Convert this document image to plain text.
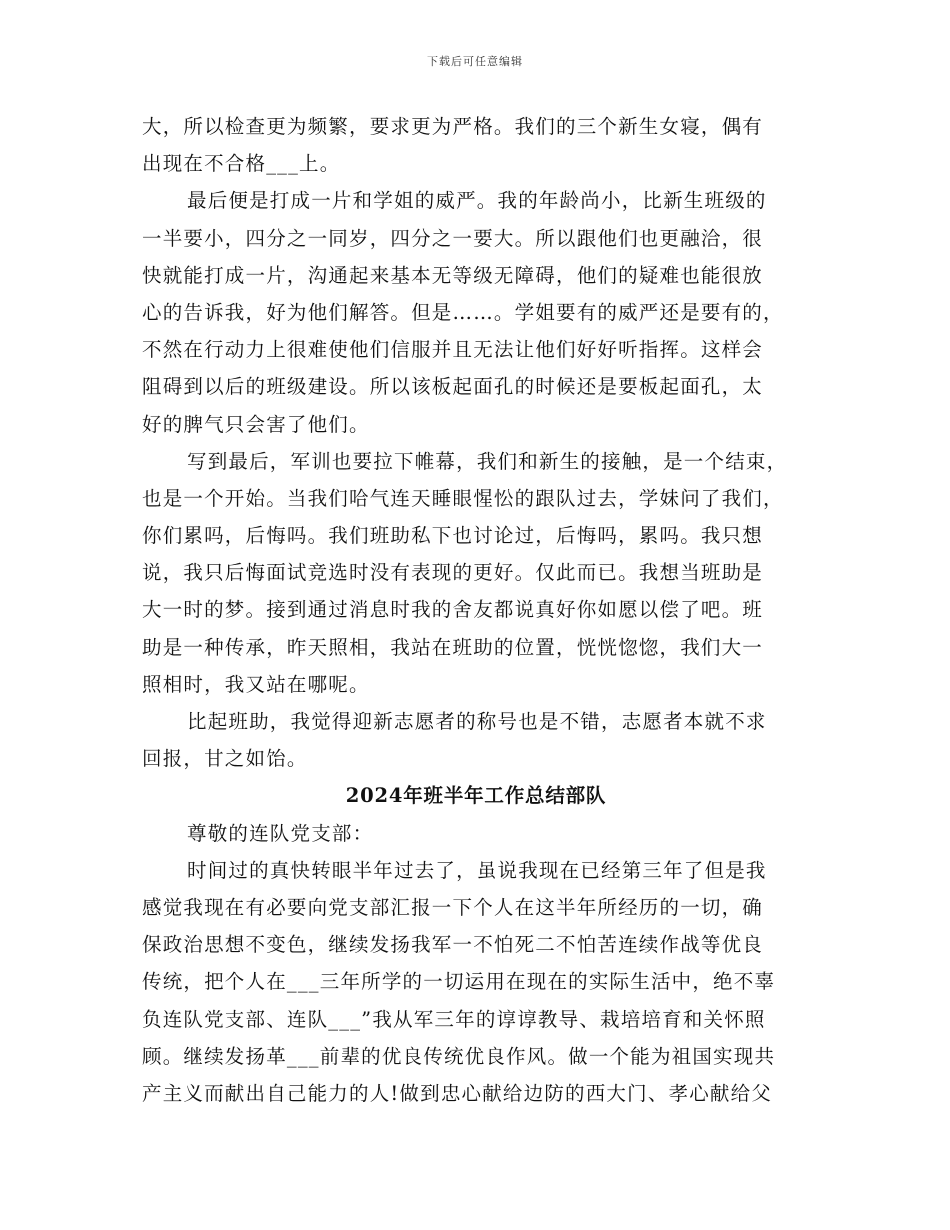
下载后可任意编辑
大，所以检查更为频繁，要求更为严格。我们的三个新生女寝，偶有
出现在不合格___上。
最后便是打成一片和学姐的威严。我的年龄尚小，比新生班级的
一半要小，四分之一同岁，四分之一要大。所以跟他们也更融洽，很
快就能打成一片，沟通起来基本无等级无障碍，他们的疑难也能很放
心的告诉我，好为他们解答。但是……。学姐要有的威严还是要有的，
不然在行动力上很难使他们信服并且无法让他们好好听指挥。这样会
阻碍到以后的班级建设。所以该板起面孔的时候还是要板起面孔，太
好的脾气只会害了他们。
写到最后，军训也要拉下帷幕，我们和新生的接触，是一个结束，
也是一个开始。当我们哈气连天睡眼惺忪的跟队过去，学妹问了我们，
你们累吗，后悔吗。我们班助私下也讨论过，后悔吗，累吗。我只想
说，我只后悔面试竞选时没有表现的更好。仅此而已。我想当班助是
大一时的梦。接到通过消息时我的舍友都说真好你如愿以偿了吧。班
助是一种传承，昨天照相，我站在班助的位置，恍恍惚惚，我们大一
照相时，我又站在哪呢。
比起班助，我觉得迎新志愿者的称号也是不错，志愿者本就不求
回报，甘之如饴。
2024年班半年工作总结部队
尊敬的连队党支部：
时间过的真快转眼半年过去了，虽说我现在已经第三年了但是我
感觉我现在有必要向党支部汇报一下个人在这半年所经历的一切，确
保政治思想不变色，继续发扬我军一不怕死二不怕苦连续作战等优良
传统，把个人在___三年所学的一切运用在现在的实际生活中，绝不辜
负连队党支部、连队___”我从军三年的谆谆教导、栽培培育和关怀照
顾。继续发扬革___前辈的优良传统优良作风。做一个能为祖国实现共
产主义而献出自己能力的人!做到忠心献给边防的西大门、孝心献给父
